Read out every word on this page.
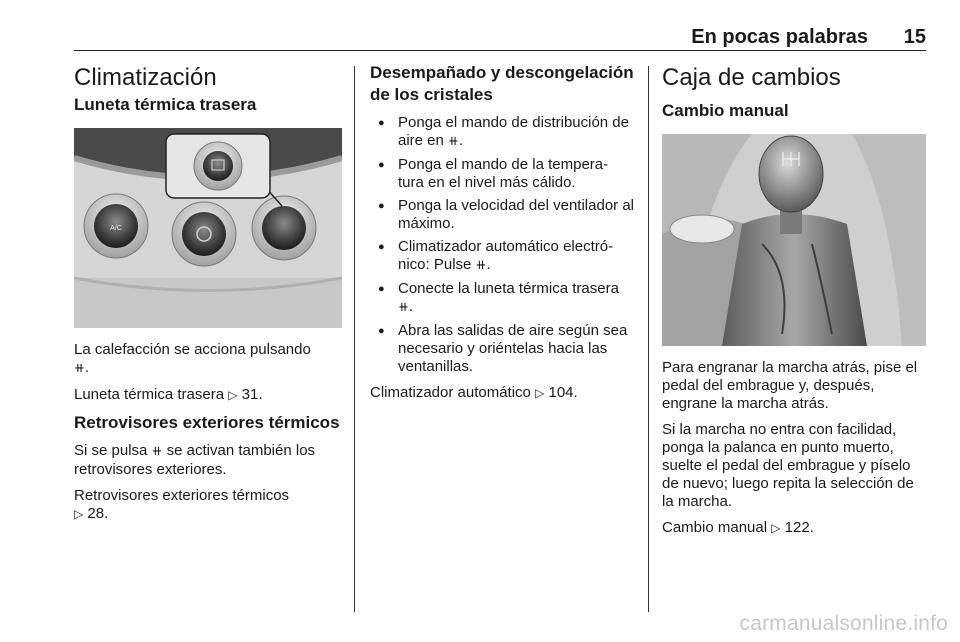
En pocas palabras 15
Climatización
Luneta térmica trasera
A/C

La calefacción se acciona pulsando
⧺.

Luneta térmica trasera ▷ 31.

Retrovisores exteriores térmicos

Si se pulsa ⧺ se activan también los retrovisores exteriores.

Retrovisores exteriores térmicos
▷ 28.

Desempañado y descongelación de los cristales
● Ponga el mando de distribución de aire en ⧺.
● Ponga el mando de la tempera- tura en el nivel más cálido.
● Ponga la velocidad del ventilador al máximo.
● Climatizador automático electró- nico: Pulse ⧺.
● Conecte la luneta térmica trasera ⧺.
● Abra las salidas de aire según sea necesario y oriéntelas hacia las ventanillas.

Climatizador automático ▷ 104.

Caja de cambios
Cambio manual

Para engranar la marcha atrás, pise el pedal del embrague y, después, engrane la marcha atrás.

Si la marcha no entra con facilidad, ponga la palanca en punto muerto, suelte el pedal del embrague y píselo de nuevo; luego repita la selección de la marcha.

Cambio manual ▷ 122.

carmanualsonline.info
